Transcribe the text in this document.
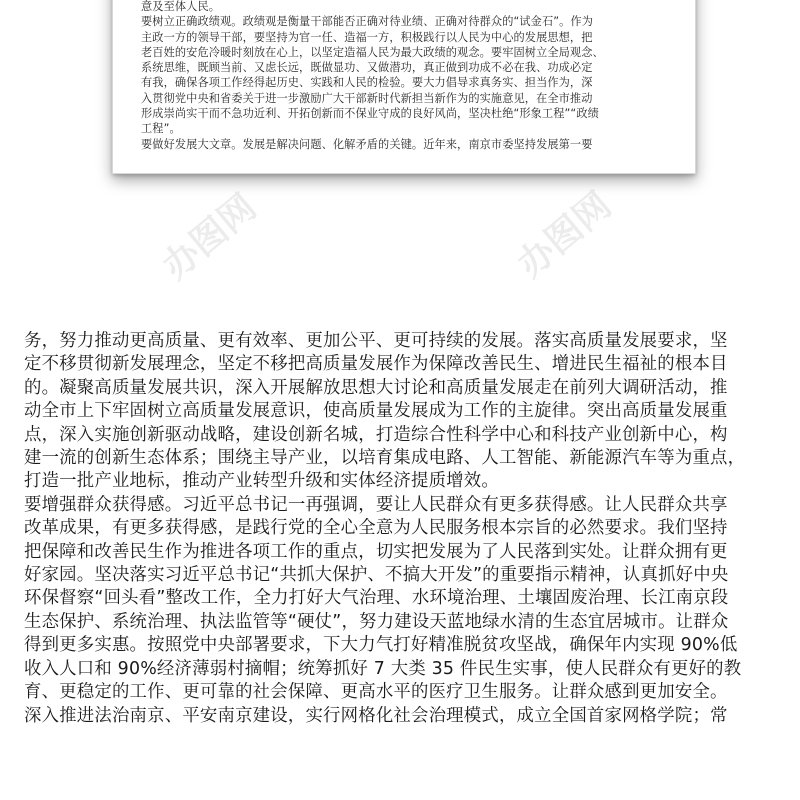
意及至体人民。
要树立正确政绩观。政绩观是衡量干部能否正确对待业绩、正确对待群众的“试金石”。作为
主政一方的领导干部，要坚持为官一任、造福一方，积极践行以人民为中心的发展思想，把
老百姓的安危冷暖时刻放在心上，以坚定造福人民为最大政绩的观念。要牢固树立全局观念、
系统思维，既顾当前、又虑长远，既做显功、又做潜功，真正做到功成不必在我、功成必定
有我，确保各项工作经得起历史、实践和人民的检验。要大力倡导求真务实、担当作为，深
入贯彻党中央和省委关于进一步激励广大干部新时代新担当新作为的实施意见，在全市推动
形成崇尚实干而不急功近利、开拓创新而不保业守成的良好风尚，坚决杜绝“形象工程”“政绩
工程”。
要做好发展大文章。发展是解决问题、化解矛盾的关键。近年来，南京市委坚持发展第一要
办图网	办图网
务，努力推动更高质量、更有效率、更加公平、更可持续的发展。落实高质量发展要求，坚
定不移贯彻新发展理念，坚定不移把高质量发展作为保障改善民生、增进民生福祉的根本目
的。凝聚高质量发展共识，深入开展解放思想大讨论和高质量发展走在前列大调研活动，推
动全市上下牢固树立高质量发展意识，使高质量发展成为工作的主旋律。突出高质量发展重
点，深入实施创新驱动战略，建设创新名城，打造综合性科学中心和科技产业创新中心，构
建一流的创新生态体系；围绕主导产业，以培育集成电路、人工智能、新能源汽车等为重点，
打造一批产业地标，推动产业转型升级和实体经济提质增效。
要增强群众获得感。习近平总书记一再强调，要让人民群众有更多获得感。让人民群众共享
改革成果，有更多获得感，是践行党的全心全意为人民服务根本宗旨的必然要求。我们坚持
把保障和改善民生作为推进各项工作的重点，切实把发展为了人民落到实处。让群众拥有更
好家园。坚决落实习近平总书记“共抓大保护、不搞大开发”的重要指示精神，认真抓好中央
环保督察“回头看”整改工作，全力打好大气治理、水环境治理、土壤固废治理、长江南京段
生态保护、系统治理、执法监管等“硬仗”，努力建设天蓝地绿水清的生态宜居城市。让群众
得到更多实惠。按照党中央部署要求，下大力气打好精准脱贫攻坚战，确保年内实现 90%低
收入人口和 90%经济薄弱村摘帽；统筹抓好 7 大类 35 件民生实事，使人民群众有更好的教
育、更稳定的工作、更可靠的社会保障、更高水平的医疗卫生服务。让群众感到更加安全。
深入推进法治南京、平安南京建设，实行网格化社会治理模式，成立全国首家网格学院；常
